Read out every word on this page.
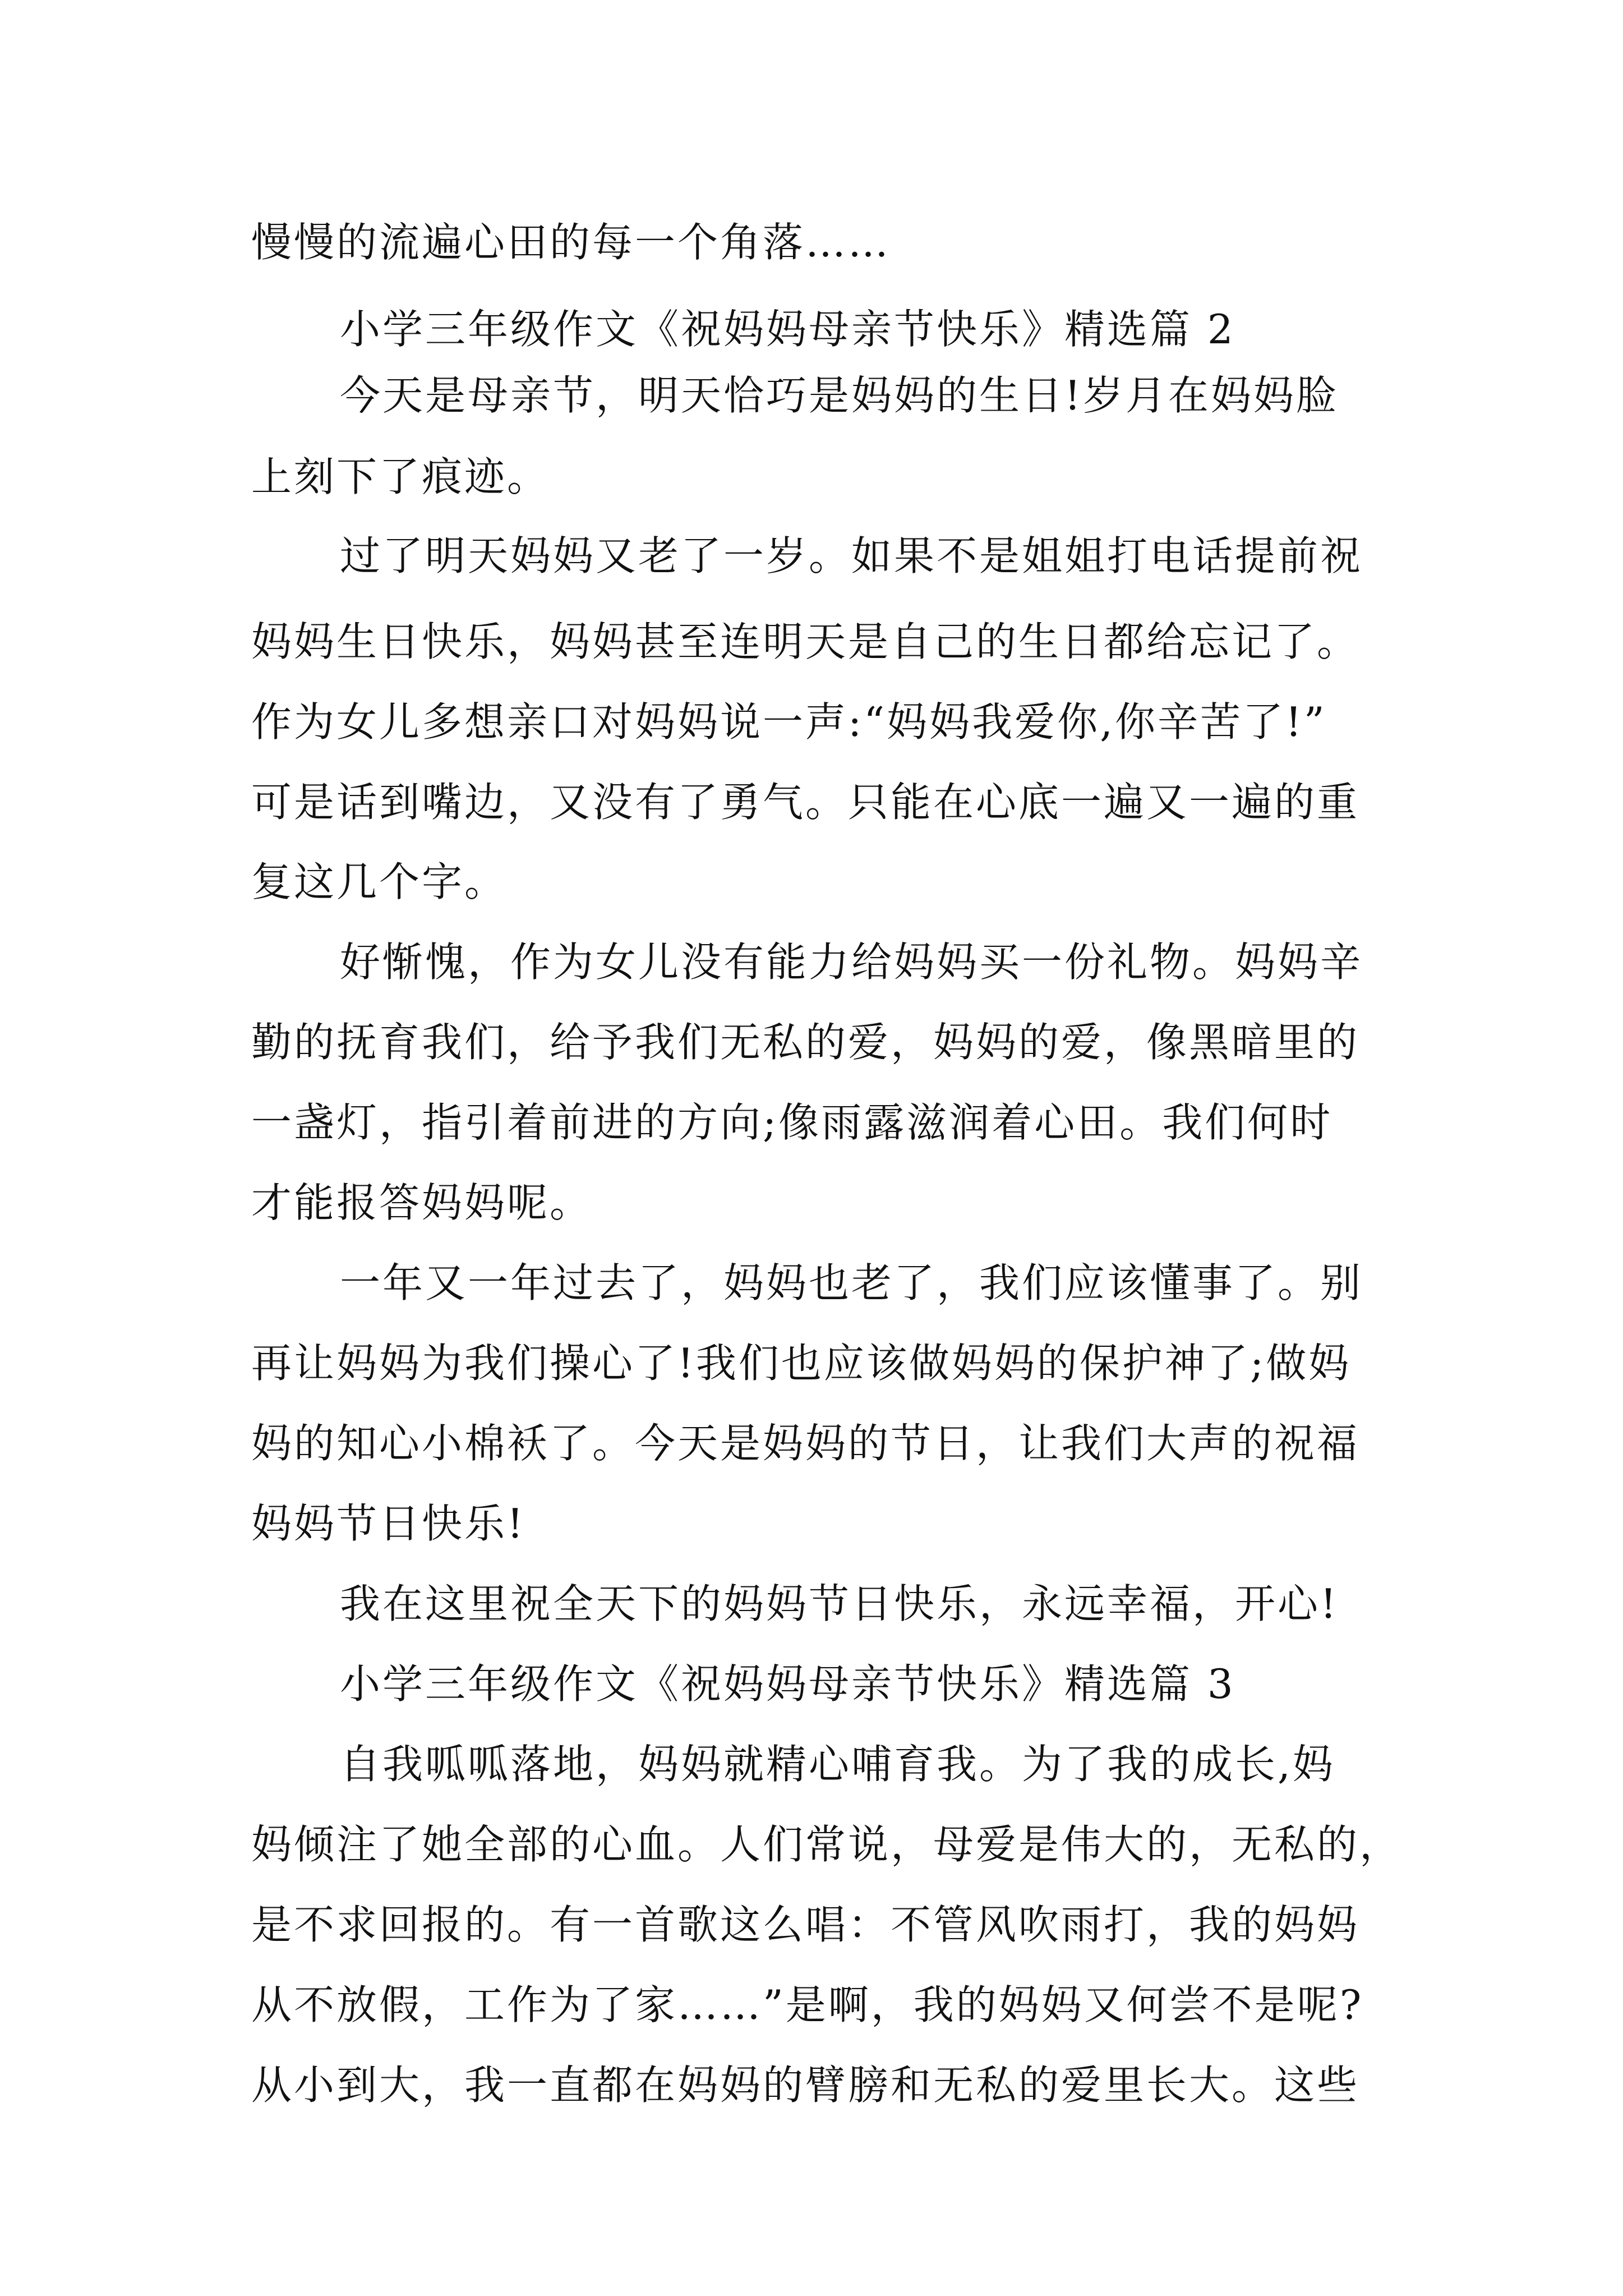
慢慢的流遍心田的每一个角落……
小学三年级作文《祝妈妈母亲节快乐》精选篇 2
今天是母亲节，明天恰巧是妈妈的生日!岁月在妈妈脸
上刻下了痕迹。
过了明天妈妈又老了一岁。如果不是姐姐打电话提前祝
妈妈生日快乐，妈妈甚至连明天是自己的生日都给忘记了。
作为女儿多想亲口对妈妈说一声:“妈妈我爱你,你辛苦了!”
可是话到嘴边，又没有了勇气。只能在心底一遍又一遍的重
复这几个字。
好惭愧，作为女儿没有能力给妈妈买一份礼物。妈妈辛
勤的抚育我们，给予我们无私的爱，妈妈的爱，像黑暗里的
一盏灯，指引着前进的方向;像雨露滋润着心田。我们何时
才能报答妈妈呢。
一年又一年过去了，妈妈也老了，我们应该懂事了。别
再让妈妈为我们操心了!我们也应该做妈妈的保护神了;做妈
妈的知心小棉袄了。今天是妈妈的节日，让我们大声的祝福
妈妈节日快乐!
我在这里祝全天下的妈妈节日快乐，永远幸福，开心!
小学三年级作文《祝妈妈母亲节快乐》精选篇 3
自我呱呱落地，妈妈就精心哺育我。为了我的成长,妈
妈倾注了她全部的心血。人们常说，母爱是伟大的，无私的，
是不求回报的。有一首歌这么唱：不管风吹雨打，我的妈妈
从不放假，工作为了家……”是啊，我的妈妈又何尝不是呢?
从小到大，我一直都在妈妈的臂膀和无私的爱里长大。这些
